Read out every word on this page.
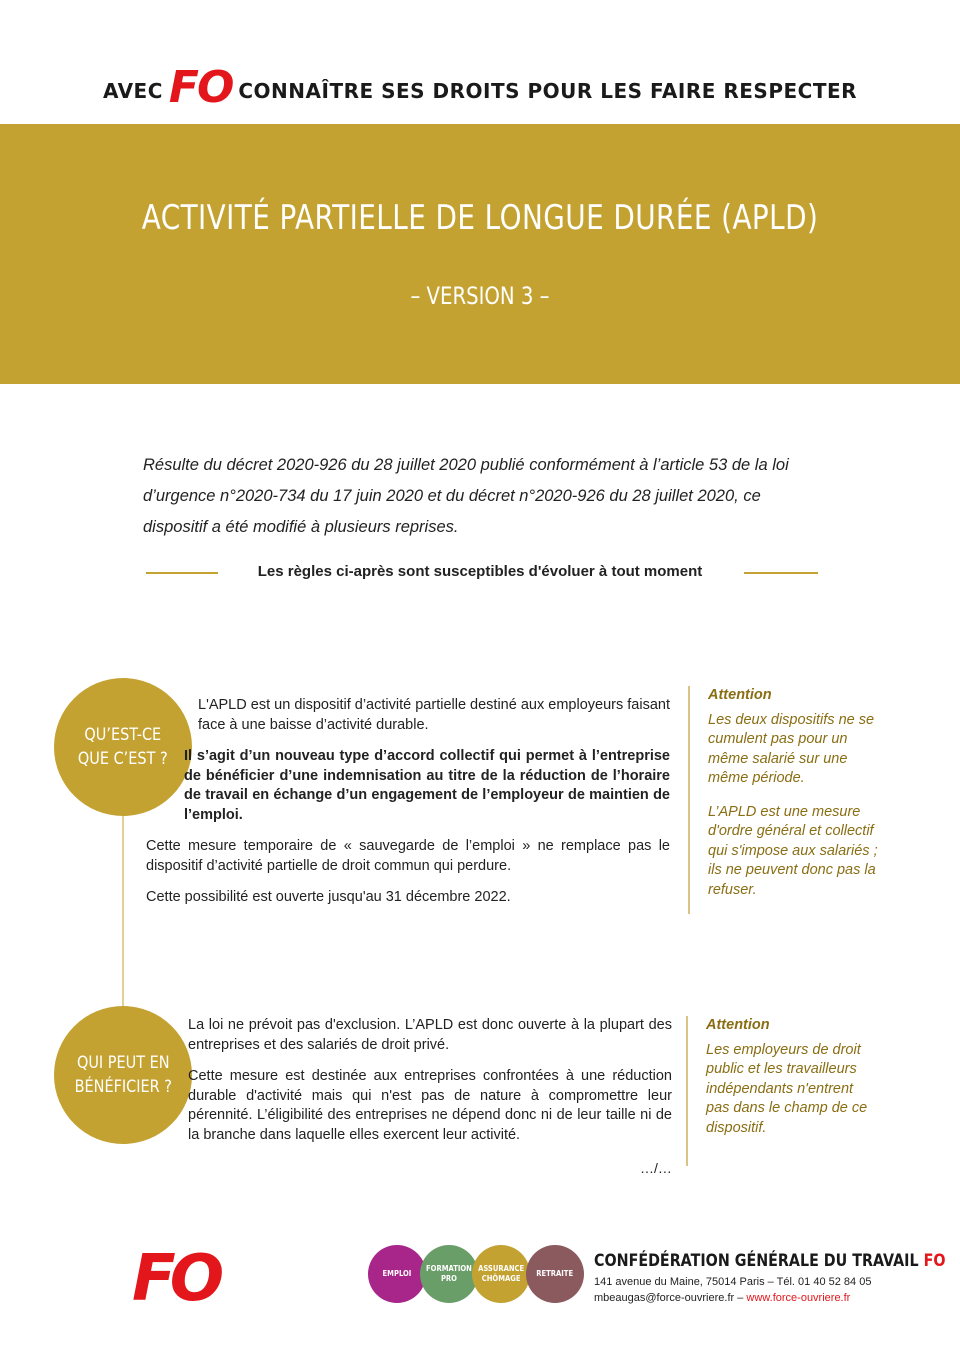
AVEC FO CONNAÎTRE SES DROITS POUR LES FAIRE RESPECTER
ACTIVITÉ PARTIELLE DE LONGUE DURÉE (APLD)
– VERSION 3 –
Résulte du décret 2020-926 du 28 juillet 2020 publié conformément à l’article 53 de la loi d’urgence n°2020-734 du 17 juin 2020 et du décret n°2020-926 du 28 juillet 2020, ce dispositif a été modifié à plusieurs reprises.
Les règles ci-après sont susceptibles d'évoluer à tout moment
QU’EST-CE
QUE C’EST ?

L'APLD est un dispositif d’activité partielle destiné aux employeurs faisant face à une baisse d’activité durable.

Il s’agit d’un nouveau type d’accord collectif qui permet à l’entreprise de bénéficier d’une indemnisation au titre de la réduction de l’horaire de travail en échange d’un engagement de l’employeur de maintien de l’emploi.

Cette mesure temporaire de « sauvegarde de l’emploi » ne remplace pas le dispositif d’activité partielle de droit commun qui perdure.

Cette possibilité est ouverte jusqu'au 31 décembre 2022.

Attention

Les deux dispositifs ne se cumulent pas pour un même salarié sur une même période.

L’APLD est une mesure d'ordre général et collectif qui s'impose aux salariés ; ils ne peuvent donc pas la refuser.

QUI PEUT EN
BÉNÉFICIER ?

La loi ne prévoit pas d'exclusion. L’APLD est donc ouverte à la plupart des entreprises et des salariés de droit privé.

Cette mesure est destinée aux entreprises confrontées à une réduction durable d'activité mais qui n'est pas de nature à compromettre leur pérennité. L’éligibilité des entreprises ne dépend donc ni de leur taille ni de la branche dans laquelle elles exercent leur activité.

Attention

Les employeurs de droit public et les travailleurs indépendants n'entrent pas dans le champ de ce dispositif.

…/…
FO	EMPLOI
FORMATION
PRO
ASSURANCE
CHÔMAGE
RETRAITE
CONFÉDÉRATION GÉNÉRALE DU TRAVAIL FO
141 avenue du Maine, 75014 Paris – Tél. 01 40 52 84 05
mbeaugas@force-ouvriere.fr – www.force-ouvriere.fr
